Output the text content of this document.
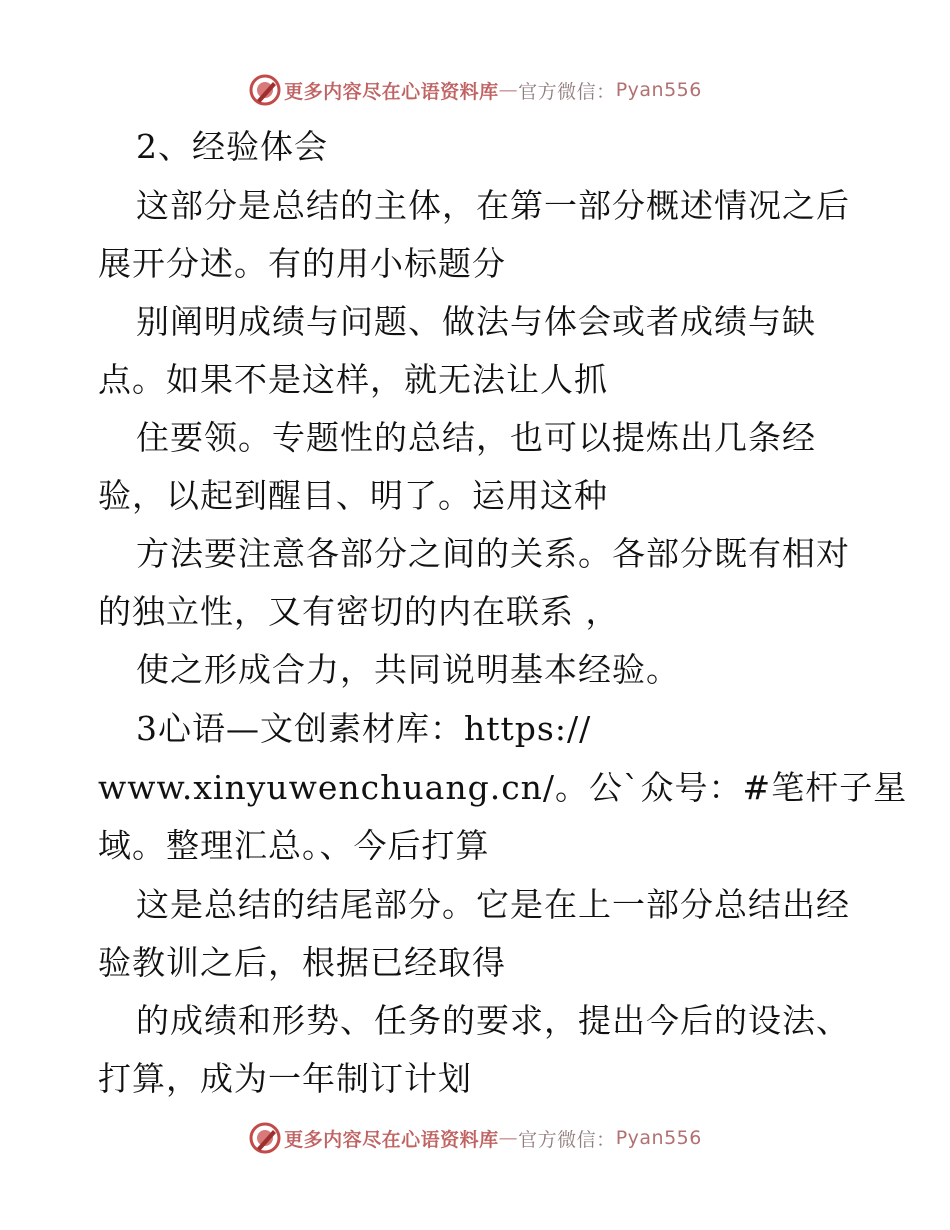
更多内容尽在心语资料库 — 官方微信： Pyan556
2、经验体会
这部分是总结的主体，在第一部分概述情况之后
展开分述。有的用小标题分
别阐明成绩与问题、做法与体会或者成绩与缺
点。如果不是这样，就无法让人抓
住要领。专题性的总结，也可以提炼出几条经
验，以起到醒目、明了。运用这种
方法要注意各部分之间的关系。各部分既有相对
的独立性，又有密切的内在联系 ，
使之形成合力，共同说明基本经验。
3心语—文创素材库：https://
www.xinyuwenchuang.cn/。公`众号：#笔杆子星
域。整理汇总。、今后打算
这是总结的结尾部分。它是在上一部分总结出经
验教训之后，根据已经取得
的成绩和形势、任务的要求，提出今后的设法、
打算，成为一年制订计划
更多内容尽在心语资料库 — 官方微信： Pyan556
